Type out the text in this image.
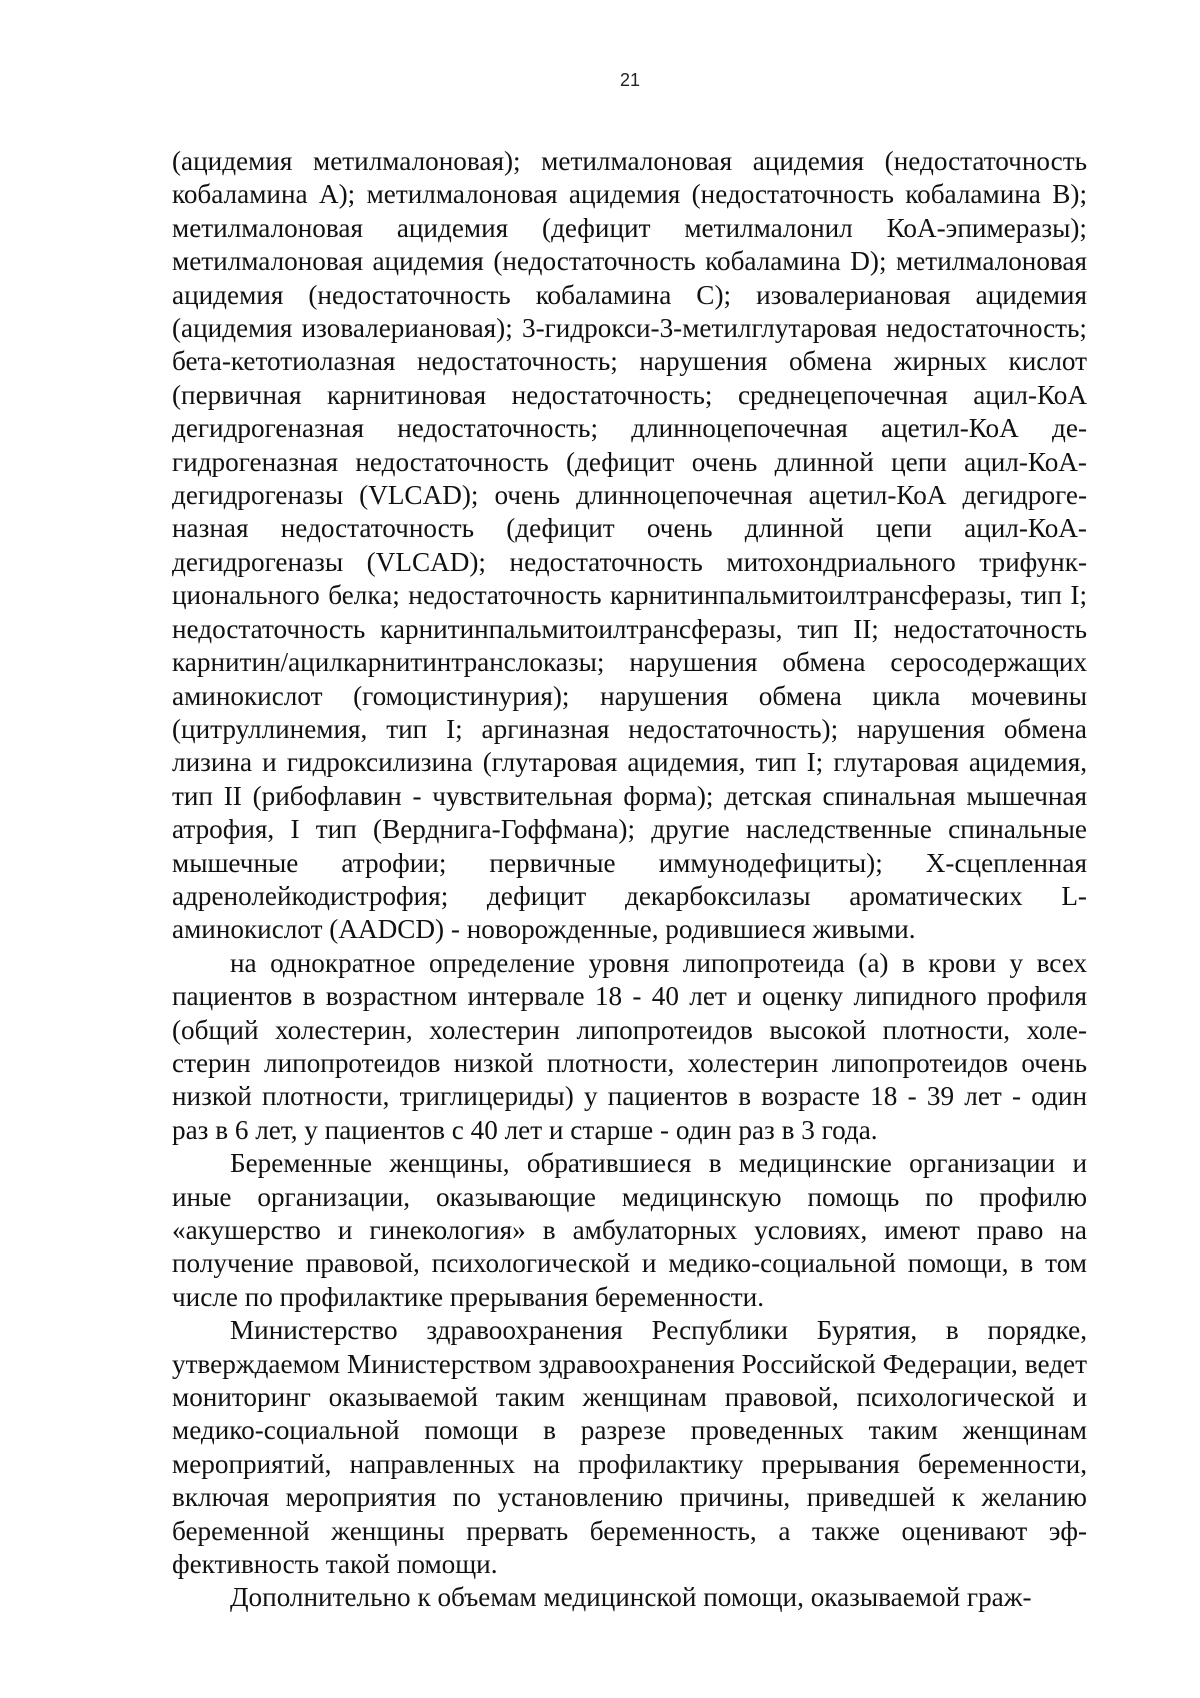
21

(ацидемия метилмалоновая); метилмалоновая ацидемия (недостаточность кобаламина А); метилмалоновая ацидемия (недостаточность кобаламина В); метилмалоновая ацидемия (дефицит метилмалонил КоА-эпимеразы); метилмалоновая ацидемия (недостаточность кобаламина D); метилмалоновая ацидемия (недостаточность кобаламина С); изовалериановая ацидемия (ацидемия изовалериановая); 3-гидрокси-3-метилглутаровая недостаточность; бета-кетотиолазная недостаточность; нарушения обмена жирных кислот (первичная карнитиновая недостаточность; среднецепочечная ацил-КоА дегидрогеназная недостаточность; длинноцепочечная ацетил-КоА дегидрогеназная недостаточность (дефицит очень длинной цепи ацил-КоА-дегидрогеназы (VLCAD); очень длинноцепочечная ацетил-КоА дегидрогеназная недостаточность (дефицит очень длинной цепи ацил-КоА-дегидрогеназы (VLCAD); недостаточность митохондриального трифункционального белка; недостаточность карнитинпальмитоилтрансферазы, тип I; недостаточность карнитинпальмитоилтрансферазы, тип II; недостаточность карнитин/ацилкарнитинтранслоказы; нарушения обмена серосодержащих аминокислот (гомоцистинурия); нарушения обмена цикла мочевины (цитруллинемия, тип I; аргиназная недостаточность); нарушения обмена лизина и гидроксилизина (глутаровая ацидемия, тип I; глутаровая ацидемия, тип II (рибофлавин - чувствительная форма); детская спинальная мышечная атрофия, I тип (Верднига-Гоффмана); другие наследственные спинальные мышечные атрофии; первичные иммунодефициты); X-сцепленная адренолейкодистрофия; дефицит декарбоксилазы ароматических L-аминокислот (AADCD) - новорожденные, родившиеся живыми.

на однократное определение уровня липопротеида (а) в крови у всех пациентов в возрастном интервале 18 - 40 лет и оценку липидного профиля (общий холестерин, холестерин липопротеидов высокой плотности, холестерин липопротеидов низкой плотности, холестерин липопротеидов очень низкой плотности, триглицериды) у пациентов в возрасте 18 - 39 лет - один раз в 6 лет, у пациентов с 40 лет и старше - один раз в 3 года.

Беременные женщины, обратившиеся в медицинские организации и иные организации, оказывающие медицинскую помощь по профилю «акушерство и гинекология» в амбулаторных условиях, имеют право на получение правовой, психологической и медико-социальной помощи, в том числе по профилактике прерывания беременности.

Министерство здравоохранения Республики Бурятия, в порядке, утверждаемом Министерством здравоохранения Российской Федерации, ведет мониторинг оказываемой таким женщинам правовой, психологической и медико-социальной помощи в разрезе проведенных таким женщинам мероприятий, направленных на профилактику прерывания беременности, включая мероприятия по установлению причины, приведшей к желанию беременной женщины прервать беременность, а также оценивают эффективность такой помощи.

Дополнительно к объемам медицинской помощи, оказываемой граж-
